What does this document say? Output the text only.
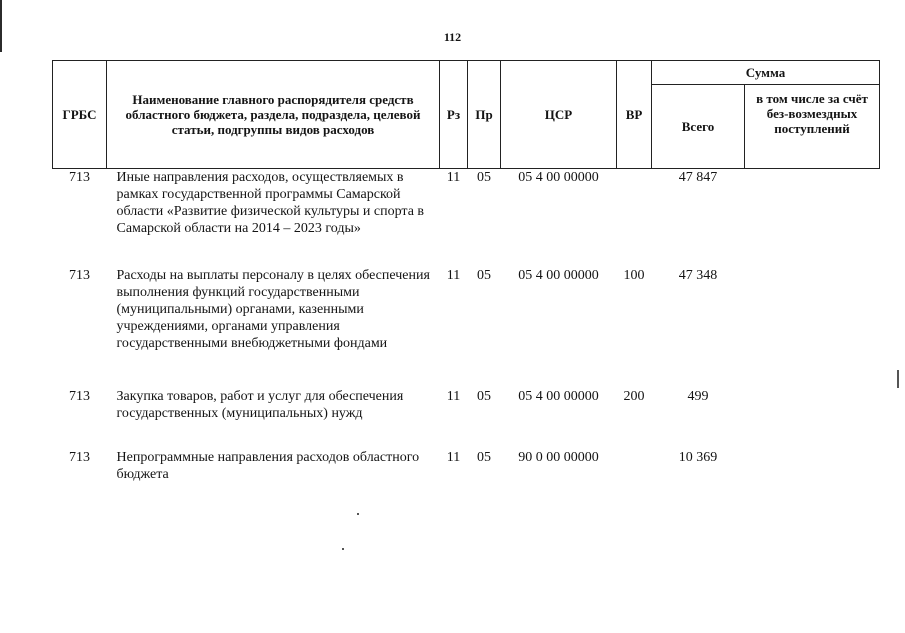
112
ГРБС	Наименование главного распорядителя средств областного бюджета, раздела, подраздела, целевой статьи, подгруппы видов расходов	Рз	Пр	ЦСР	ВР	Сумма	
						Всего	в том числе за счёт без-возмездных поступлений
713	Иные направления расходов, осуществляемых в рамках государственной программы Самарской области «Развитие физической культуры и спорта в Самарской области на 2014 – 2023 годы»	11	05	05 4 00 00000		47 847	
713	Расходы на выплаты персоналу в целях обеспечения выполнения функций государственными (муниципальными) органами, казенными учреждениями, органами управления государственными внебюджетными фондами	11	05	05 4 00 00000	100	47 348	
713	Закупка товаров, работ и услуг для обеспечения государственных (муниципальных) нужд	11	05	05 4 00 00000	200	499	
713	Непрограммные направления расходов областного бюджета	11	05	90 0 00 00000		10 369	
